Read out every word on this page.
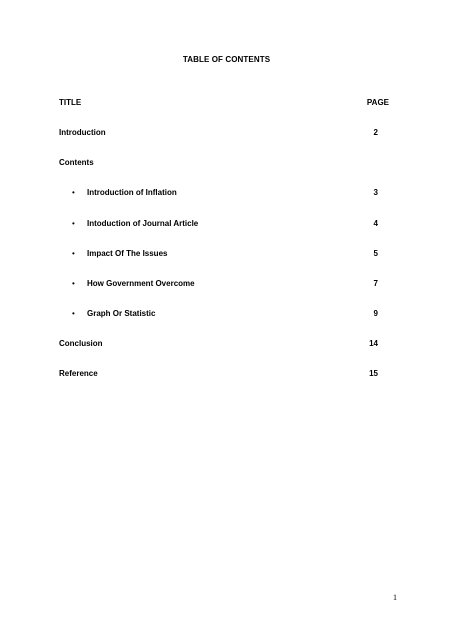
TABLE OF CONTENTS
TITLE	PAGE
Introduction	2
Contents
• Introduction of Inflation	3
• Intoduction of Journal Article	4
• Impact Of The Issues	5
• How Government Overcome	7
• Graph Or Statistic	9
Conclusion	14
Reference	15
1
